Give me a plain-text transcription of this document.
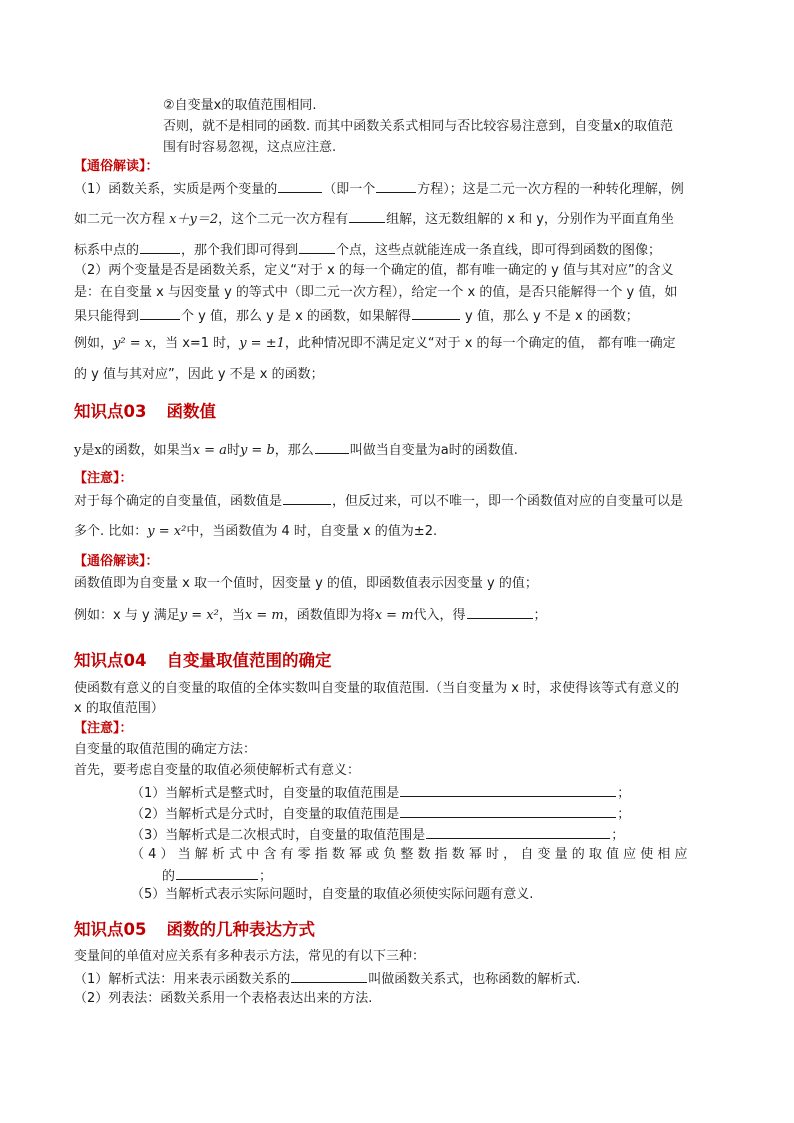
②自变量x的取值范围相同.
否则，就不是相同的函数. 而其中函数关系式相同与否比较容易注意到，自变量x的取值范
围有时容易忽视，这点应注意.
【通俗解读】：
（1）函数关系，实质是两个变量的	（即一个	方程）；这是二元一次方程的一种转化理解，例
如二元一次方程 x＋y＝2，这个二元一次方程有	组解，这无数组解的 x 和 y，分别作为平面直角坐
标系中点的	，那个我们即可得到	个点，这些点就能连成一条直线，即可得到函数的图像；
（2）两个变量是否是函数关系，定义“对于 x 的每一个确定的值，都有唯一确定的 y 值与其对应”的含义
是：在自变量 x 与因变量 y 的等式中（即二元一次方程），给定一个 x 的值，是否只能解得一个 y 值，如
果只能得到	个 y 值，那么 y 是 x 的函数，如果解得	y 值，那么 y 不是 x 的函数；
例如，y² = x，当 x=1 时，y = ±1，此种情况即不满足定义“对于 x 的每一个确定的值， 都有唯一确定
的 y 值与其对应”，因此 y 不是 x 的函数；
知识点03 函数值
y是x的函数，如果当x = a时y = b，那么	叫做当自变量为a时的函数值.
【注意】：
对于每个确定的自变量值，函数值是	，但反过来，可以不唯一，即一个函数值对应的自变量可以是
多个. 比如：y = x²中，当函数值为 4 时，自变量 x 的值为±2.
【通俗解读】：
函数值即为自变量 x 取一个值时，因变量 y 的值，即函数值表示因变量 y 的值；
例如：x 与 y 满足y = x²，当x = m，函数值即为将x = m代入，得	；
知识点04 自变量取值范围的确定
使函数有意义的自变量的取值的全体实数叫自变量的取值范围.（当自变量为 x 时，求使得该等式有意义的
x 的取值范围）
【注意】：
自变量的取值范围的确定方法：
首先，要考虑自变量的取值必须使解析式有意义：
（1）当解析式是整式时，自变量的取值范围是	；
（2）当解析式是分式时，自变量的取值范围是	；
（3）当解析式是二次根式时，自变量的取值范围是	；
（ 4 ） 当 解 析 式 中 含 有 零 指 数 幂 或 负 整 数 指 数 幂 时 ， 自 变 量 的 取 值 应 使 相 应
的	；
（5）当解析式表示实际问题时，自变量的取值必须使实际问题有意义.
知识点05 函数的几种表达方式
变量间的单值对应关系有多种表示方法，常见的有以下三种：
（1）解析式法：用来表示函数关系的	叫做函数关系式，也称函数的解析式.
（2）列表法：函数关系用一个表格表达出来的方法.
